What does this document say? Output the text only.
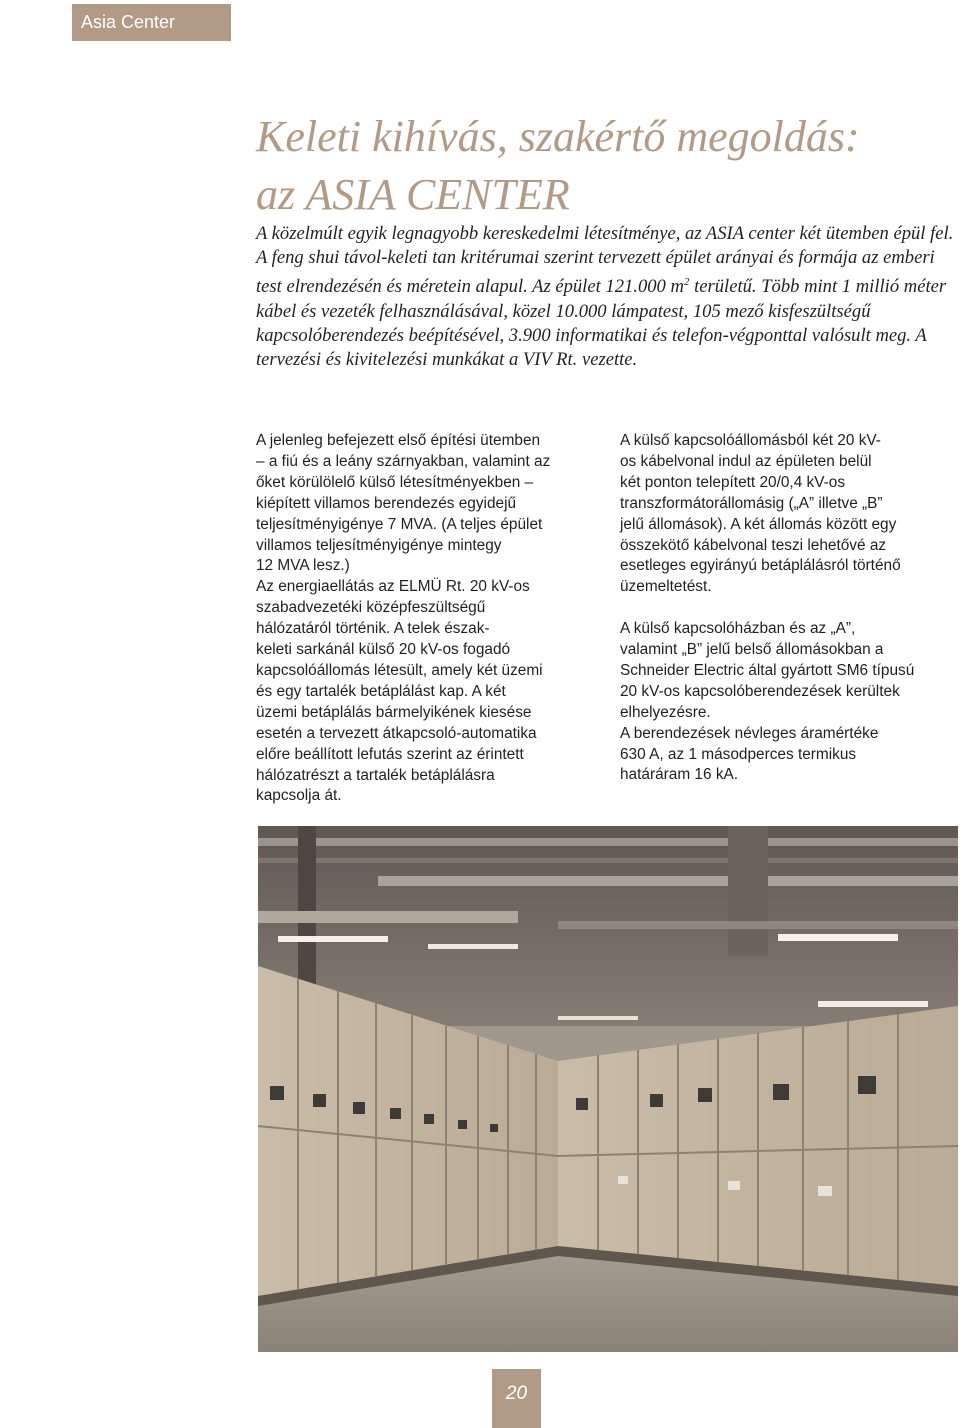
Asia Center
Keleti kihívás, szakértő megoldás:
az ASIA CENTER

A közelmúlt egyik legnagyobb kereskedelmi létesítménye, az ASIA center két ütemben épül fel. A feng shui távol-keleti tan kritérumai szerint tervezett épület arányai és formája az emberi test elrendezésén és méretein alapul. Az épület 121.000 $m^2$ területű. Több mint 1 millió méter kábel és vezeték felhasználásával, közel 10.000 lámpatest, 105 mező kisfeszültségű kapcsolóberendezés beépítésével, 3.900 informatikai és telefon-végponttal valósult meg. A tervezési és kivitelezési munkákat a VIV Rt. vezette.

A jelenleg befejezett első építési ütemben
– a fiú és a leány szárnyakban, valamint az
őket körülölelő külső létesítményekben –
kiépített villamos berendezés egyidejű
teljesítményigénye 7 MVA. (A teljes épület
villamos teljesítményigénye mintegy
12 MVA lesz.)
Az energiaellátás az ELMÜ Rt. 20 kV-os
szabadvezetéki középfeszültségű
hálózatáról történik. A telek észak-
keleti sarkánál külső 20 kV-os fogadó
kapcsolóállomás létesült, amely két üzemi
és egy tartalék betáplálást kap. A két
üzemi betáplálás bármelyikének kiesése
esetén a tervezett átkapcsoló-automatika
előre beállított lefutás szerint az érintett
hálózatrészt a tartalék betáplálásra
kapcsolja át.
A külső kapcsolóállomásból két 20 kV-
os kábelvonal indul az épületen belül
két ponton telepített 20/0,4 kV-os
transzformátorállomásig („A” illetve „B”
jelű állomások). A két állomás között egy
összekötő kábelvonal teszi lehetővé az
esetleges egyirányú betáplálásról történő
üzemeltetést.
A külső kapcsolóházban és az „A”,
valamint „B” jelű belső állomásokban a
Schneider Electric által gyártott SM6 típusú
20 kV-os kapcsolóberendezések kerültek
elhelyezésre.
A berendezések névleges áramértéke
630 A, az 1 másodperces termikus
határáram 16 kA.
20
